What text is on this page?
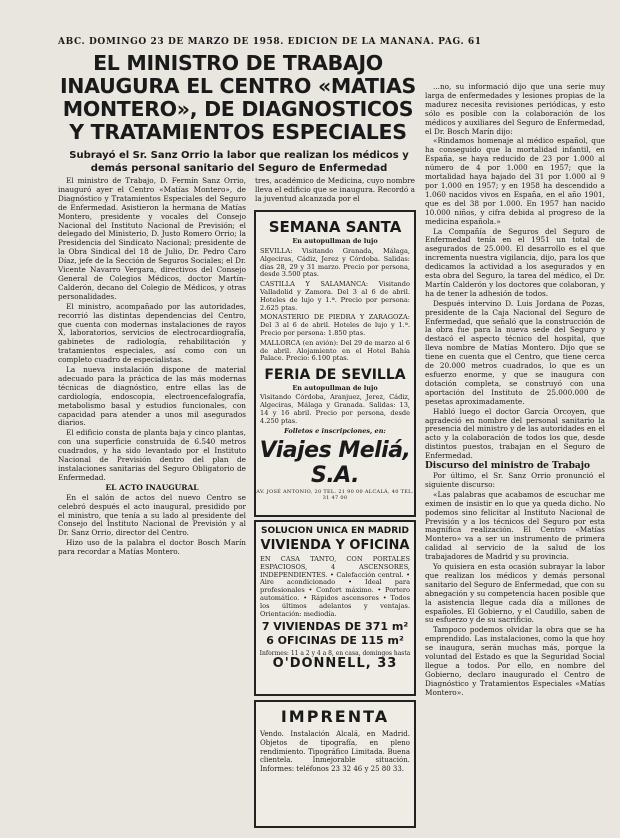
ABC. DOMINGO 23 DE MARZO DE 1958. EDICION DE LA MAÑANA. PAG. 61
EL MINISTRO DE TRABAJO INAUGURA EL CENTRO «MATIAS MONTERO», DE DIAGNOSTICOS Y TRATAMIENTOS ESPECIALES
Subrayó el Sr. Sanz Orrio la labor que realizan los médicos y demás personal sanitario del Seguro de Enfermedad

El ministro de Trabajo, D. Fermín Sanz Orrio, inauguró ayer el Centro «Matías Montero», de Diagnóstico y Tratamientos Especiales del Seguro de Enfermedad. Asistieron la hermana de Matías Montero, presidente y vocales del Consejo Nacional del Instituto Nacional de Previsión; el delegado del Ministerio, D. Justo Romero Orrio; la Presidencia del Sindicato Nacional; presidente de la Obra Sindical del 18 de Julio, Dr. Pedro Caro Díaz, jefe de la Sección de Seguros Sociales; el Dr. Vicente Navarro Vergara, directivos del Consejo General de Colegios Médicos, doctor Martín-Calderón, decano del Colegio de Médicos, y otras personalidades.

El ministro, acompañado por las autoridades, recorrió las distintas dependencias del Centro, que cuenta con modernas instalaciones de rayos X, laboratorios, servicios de electrocardiografía, gabinetes de radiología, rehabilitación y tratamientos especiales, así como con un completo cuadro de especialistas.

La nueva instalación dispone de material adecuado para la práctica de las más modernas técnicas de diagnóstico, entre ellas las de cardiología, endoscopia, electroencefalografía, metabolismo basal y estudios funcionales, con capacidad para atender a unos mil asegurados diarios.

El edificio consta de planta baja y cinco plantas, con una superficie construida de 6.540 metros cuadrados, y ha sido levantado por el Instituto Nacional de Previsión dentro del plan de instalaciones sanitarias del Seguro Obligatorio de Enfermedad.

EL ACTO INAUGURAL

En el salón de actos del nuevo Centro se celebró después el acto inaugural, presidido por el ministro, que tenía a su lado al presidente del Consejo del Instituto Nacional de Previsión y al Dr. Sanz Orrio, director del Centro.

Hizo uso de la palabra el doctor Bosch Marín para recordar a Matías Montero.

tres, académico de Medicina, cuyo nombre lleva el edificio que se inaugura. Recordó a la juventud alcanzada por el

SEMANA SANTA
En autopullman de lujo

SEVILLA: Visitando Granada, Málaga, Algeciras, Cádiz, Jerez y Córdoba. Salidas: días 28, 29 y 31 marzo. Precio por persona, desde 3.500 ptas.

CASTILLA Y SALAMANCA: Visitando Valladolid y Zamora. Del 3 al 6 de abril. Hoteles de lujo y 1.ª. Precio por persona: 2.625 ptas.

MONASTERIO DE PIEDRA Y ZARAGOZA: Del 3 al 6 de abril. Hoteles de lujo y 1.ª. Precio por persona: 1.850 ptas.

MALLORCA (en avión): Del 29 de marzo al 6 de abril. Alojamiento en el Hotel Bahía Palace. Precio: 6.100 ptas.

FERIA DE SEVILLA
En autopullman de lujo

Visitando Córdoba, Aranjuez, Jerez, Cádiz, Algeciras, Málaga y Granada. Salidas: 13, 14 y 16 abril. Precio por persona, desde 4.250 ptas.

Folletos e inscripciones, en:
Viajes Meliá, S.A.
AV. JOSÉ ANTONIO, 20 TEL. 21 90 00 ALCALÁ, 40 TEL. 31 47 00
SOLUCION UNICA EN MADRID
VIVIENDA Y OFICINA

EN CASA TANTO, CON PORTALES ESPACIOSOS, 4 ASCENSORES, INDEPENDIENTES. • Calefacción central. • Aire acondicionado • Ideal para profesionales • Confort máximo. • Portero automático. • Rápidos ascensores • Todos los últimos adelantos y ventajas. Orientación: mediodía.

7 VIVIENDAS DE 371 m²
6 OFICINAS DE 115 m²
Informes: 11 a 2 y 4 a 8, en casa, domingos hasta
O'DONNELL, 33
IMPRENTA

Vendo. Instalación Alcalá, en Madrid. Objetos de tipografía, en pleno rendimiento. Tipográfico Limitada. Buena clientela. Inmejorable situación. Informes: teléfonos 23 32 46 y 25 80 33.

...no, su informació dijo que una serie muy larga de enfermedades y lesiones propias de la madurez necesita revisiones periódicas, y esto sólo es posible con la colaboración de los médicos y auxiliares del Seguro de Enfermedad, el Dr. Bosch Marín dijo:

«Rindamos homenaje al médico español, que ha conseguido que la mortalidad infantil, en España, se haya reducido de 23 por 1.000 al número de 4 por 1.000 en 1957; que la mortalidad haya bajado del 31 por 1.000 al 9 por 1.000 en 1957; y en 1958 ha descendido a 1.060 nacidos vivos en España, en el año 1901, que es del 38 por 1.000. En 1957 han nacido 10.000 niños, y cifra debida al progreso de la medicina española.»

La Compañía de Seguros del Seguro de Enfermedad tenía en el 1951 un total de asegurados de 25.000. El desarrollo es el que incrementa nuestra vigilancia, dijo, para los que dedicamos la actividad a los asegurados y en esta obra del Seguro, la tarea del médico, el Dr. Martín Calderón y los doctores que colaboran, y ha de tener la adhesión de todos.

Después intervino D. Luis Jordana de Pozas, presidente de la Caja Nacional del Seguro de Enfermedad, que señaló que la construcción de la obra fue para la nueva sede del Seguro y destacó el aspecto técnico del hospital, que lleva nombre de Matías Montero. Dijo que se tiene en cuenta que el Centro, que tiene cerca de 20.000 metros cuadrados, lo que es un esfuerzo enorme, y que se inaugura con dotación completa, se construyó con una aportación del Instituto de 25.000.000 de pesetas aproximadamente.

Habló luego el doctor García Orcoyen, que agradeció en nombre del personal sanitario la presencia del ministro y de las autoridades en el acto y la colaboración de todos los que, desde distintos puestos, trabajan en el Seguro de Enfermedad.

Discurso del ministro de Trabajo

Por último, el Sr. Sanz Orrio pronunció el siguiente discurso:

«Las palabras que acabamos de escuchar me eximen de insistir en lo que ya queda dicho. No podemos sino felicitar al Instituto Nacional de Previsión y a los técnicos del Seguro por esta magnífica realización. El Centro «Matías Montero» va a ser un instrumento de primera calidad al servicio de la salud de los trabajadores de Madrid y su provincia.

Yo quisiera en esta ocasión subrayar la labor que realizan los médicos y demás personal sanitario del Seguro de Enfermedad, que con su abnegación y su competencia hacen posible que la asistencia llegue cada día a millones de españoles. El Gobierno, y el Caudillo, saben de su esfuerzo y de su sacrificio.

Tampoco podemos olvidar la obra que se ha emprendido. Las instalaciones, como la que hoy se inaugura, serán muchas más, porque la voluntad del Estado es que la Seguridad Social llegue a todos. Por ello, en nombre del Gobierno, declaro inaugurado el Centro de Diagnóstico y Tratamientos Especiales «Matías Montero».
